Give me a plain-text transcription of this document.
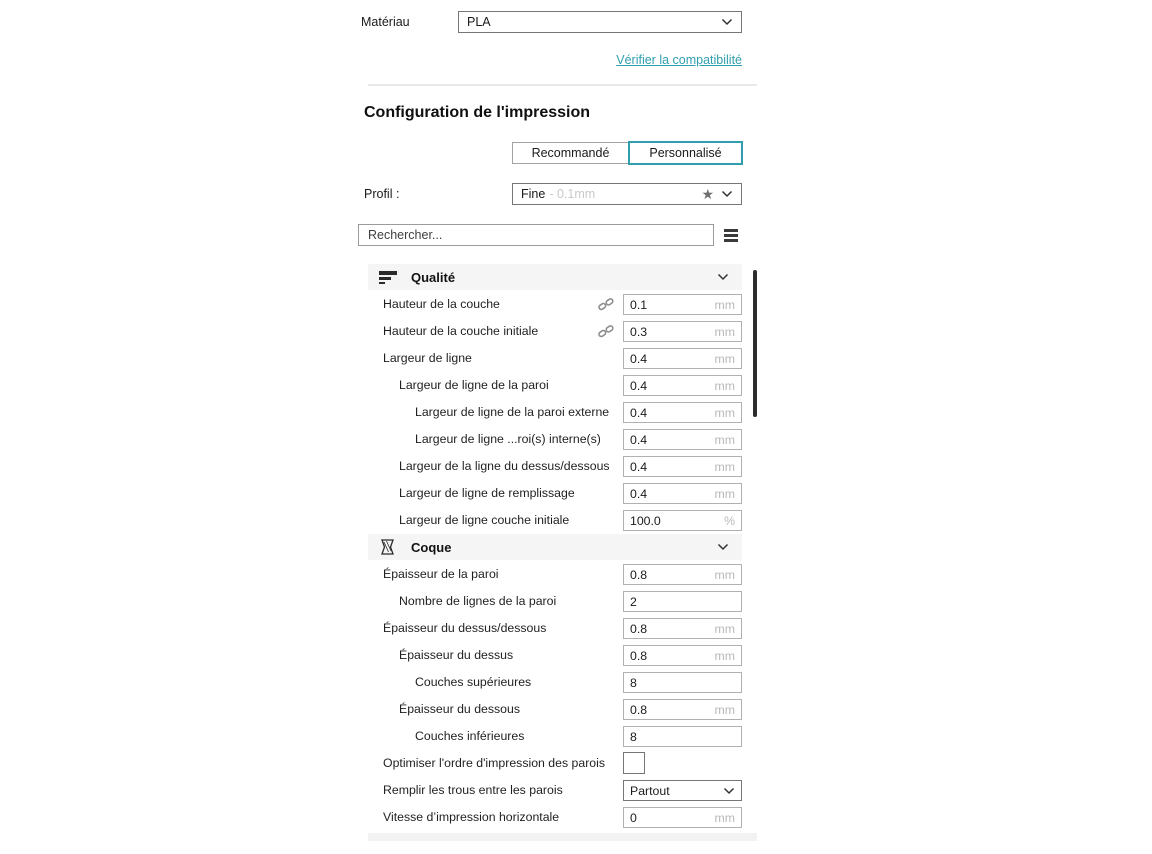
Matériau	PLA
Vérifier la compatibilité
Configuration de l'impression
Recommandé	Personnalisé
Profil :	Fine - 0.1mm	★
Rechercher...
Qualité
Hauteur de la couche	0.1	mm
Hauteur de la couche initiale	0.3	mm
Largeur de ligne	0.4	mm
Largeur de ligne de la paroi	0.4	mm
Largeur de ligne de la paroi externe 0.4	mm
Largeur de ligne ...roi(s) interne(s) 0.4	mm
Largeur de la ligne du dessus/dessous 0.4	mm
Largeur de ligne de remplissage	0.4	mm
Largeur de ligne couche initiale	100.0	%
Coque
Épaisseur de la paroi	0.8	mm
Nombre de lignes de la paroi	2
Épaisseur du dessus/dessous	0.8	mm
Épaisseur du dessus	0.8	mm
Couches supérieures	8
Épaisseur du dessous	0.8	mm
Couches inférieures	8
Optimiser l'ordre d'impression des parois
Remplir les trous entre les parois	Partout
Vitesse d’impression horizontale	0	mm
